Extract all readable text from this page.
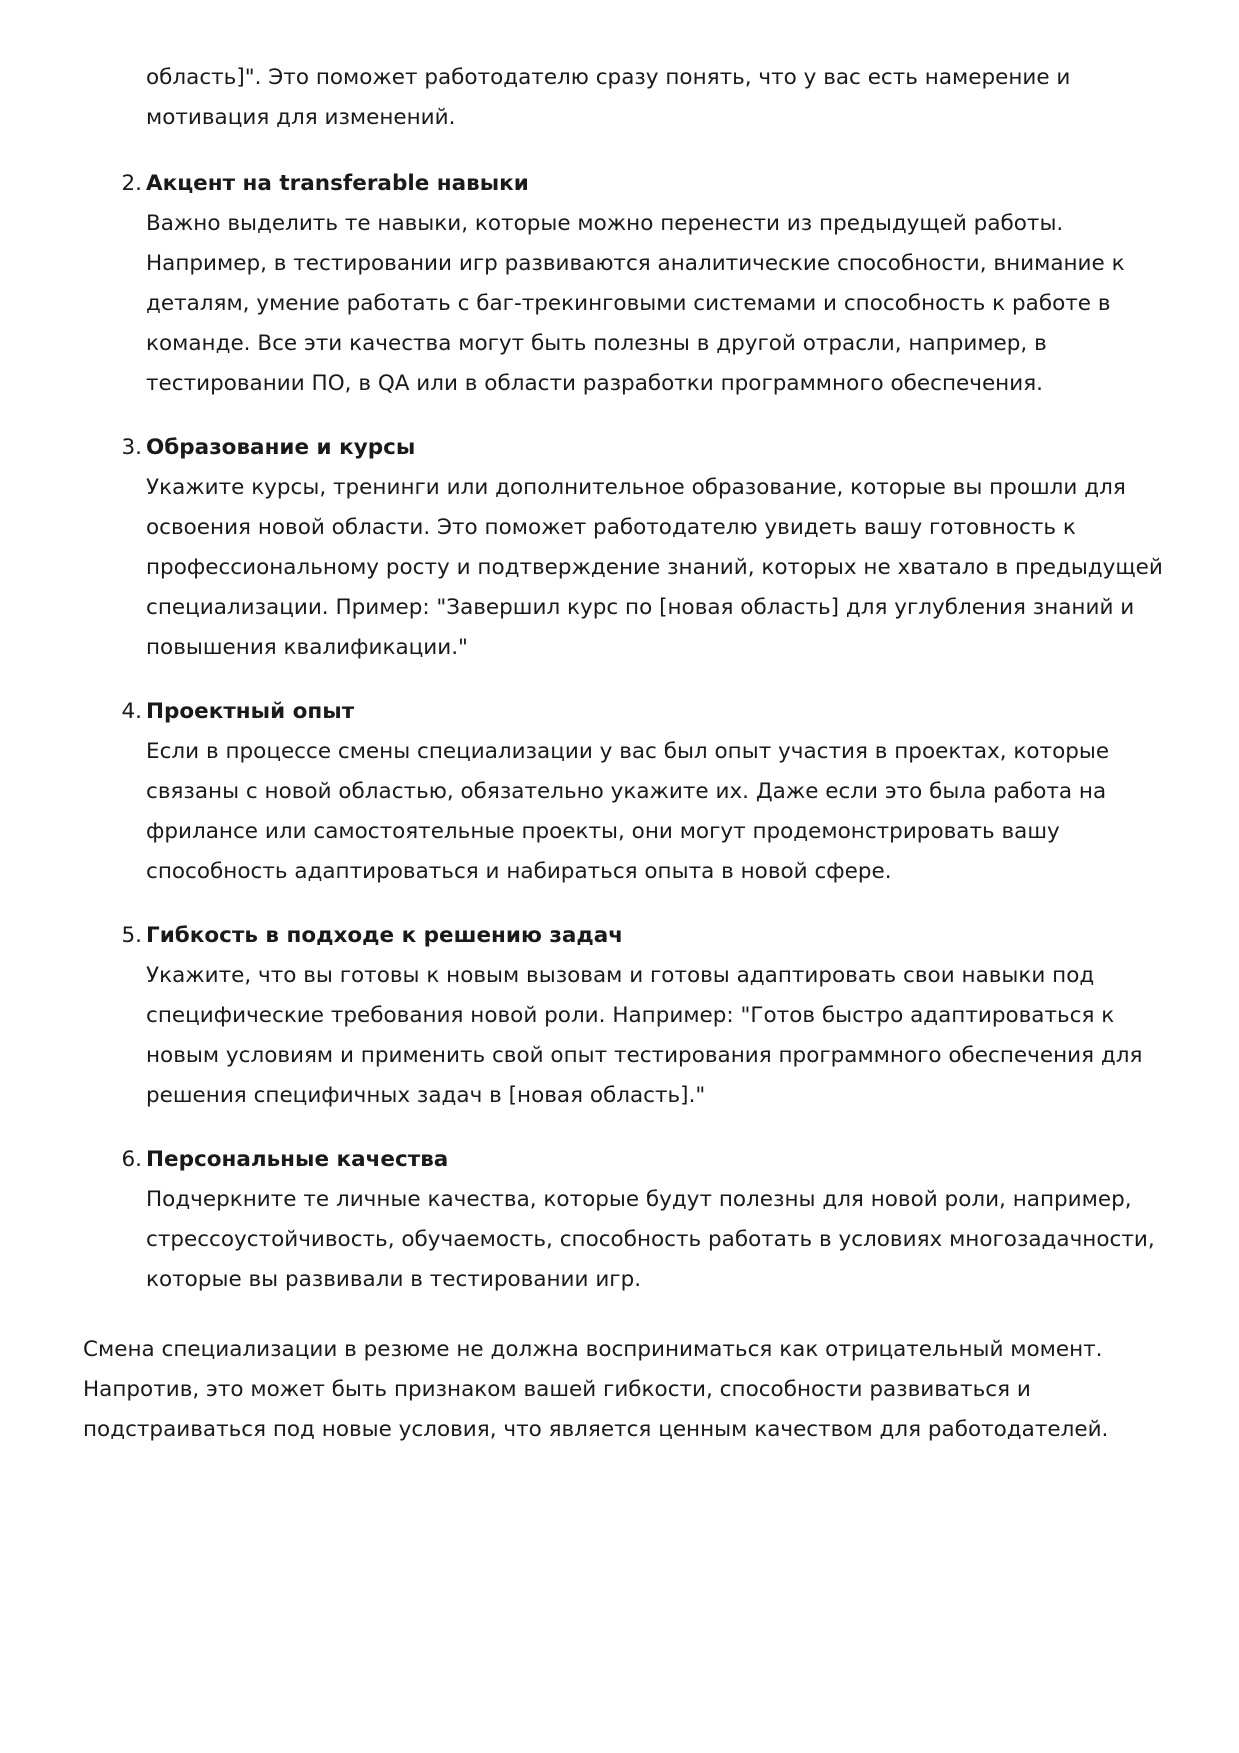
область]". Это поможет работодателю сразу понять, что у вас есть намерение и мотивация для изменений.

2. Акцент на transferable навыки
Важно выделить те навыки, которые можно перенести из предыдущей работы. Например, в тестировании игр развиваются аналитические способности, внимание к деталям, умение работать с баг-трекинговыми системами и способность к работе в команде. Все эти качества могут быть полезны в другой отрасли, например, в тестировании ПО, в QA или в области разработки программного обеспечения.
3. Образование и курсы
Укажите курсы, тренинги или дополнительное образование, которые вы прошли для освоения новой области. Это поможет работодателю увидеть вашу готовность к профессиональному росту и подтверждение знаний, которых не хватало в предыдущей специализации. Пример: "Завершил курс по [новая область] для углубления знаний и повышения квалификации."
4. Проектный опыт
Если в процессе смены специализации у вас был опыт участия в проектах, которые связаны с новой областью, обязательно укажите их. Даже если это была работа на фрилансе или самостоятельные проекты, они могут продемонстрировать вашу способность адаптироваться и набираться опыта в новой сфере.
5. Гибкость в подходе к решению задач
Укажите, что вы готовы к новым вызовам и готовы адаптировать свои навыки под специфические требования новой роли. Например: "Готов быстро адаптироваться к новым условиям и применить свой опыт тестирования программного обеспечения для решения специфичных задач в [новая область]."
6. Персональные качества
Подчеркните те личные качества, которые будут полезны для новой роли, например, стрессоустойчивость, обучаемость, способность работать в условиях многозадачности, которые вы развивали в тестировании игр.

Смена специализации в резюме не должна восприниматься как отрицательный момент. Напротив, это может быть признаком вашей гибкости, способности развиваться и подстраиваться под новые условия, что является ценным качеством для работодателей.
